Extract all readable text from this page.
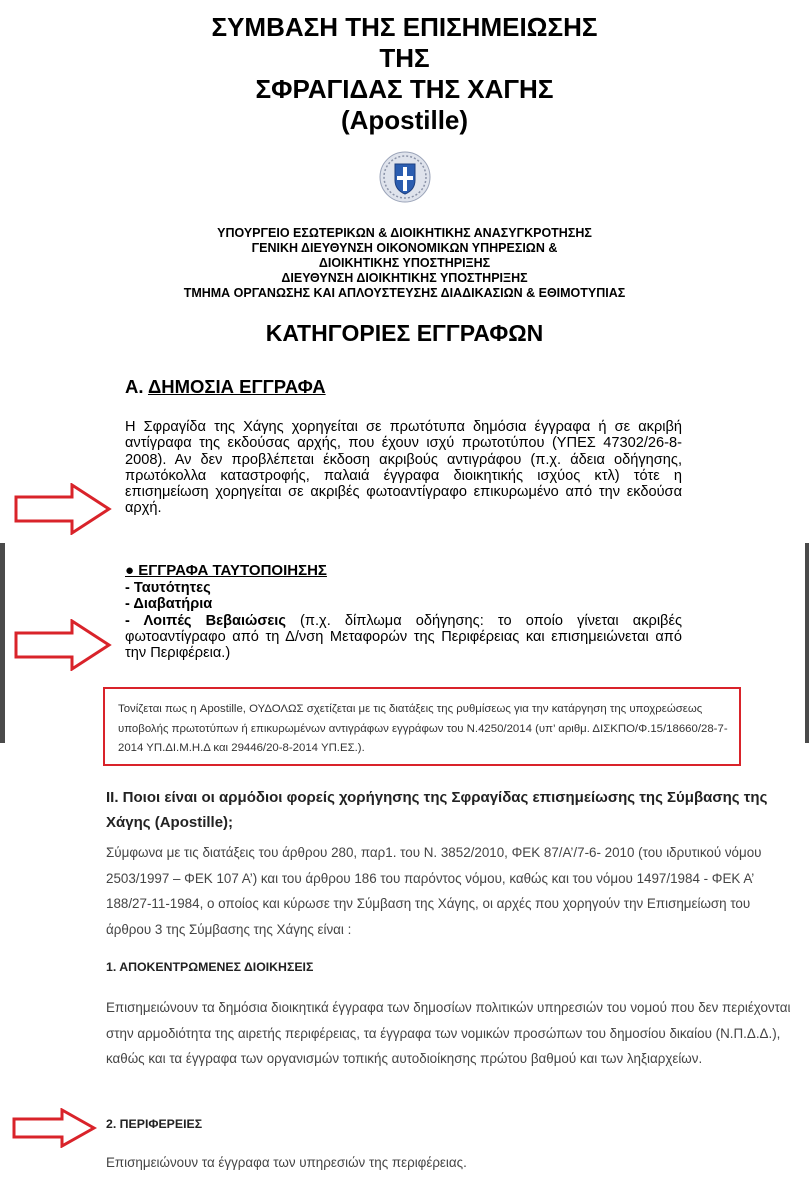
ΣΥΜΒΑΣΗ ΤΗΣ ΕΠΙΣΗΜΕΙΩΣΗΣ
ΤΗΣ
ΣΦΡΑΓΙΔΑΣ ΤΗΣ ΧΑΓΗΣ
(Apostille)
ΥΠΟΥΡΓΕΙΟ ΕΣΩΤΕΡΙΚΩΝ & ΔΙΟΙΚΗΤΙΚΗΣ ΑΝΑΣΥΓΚΡΟΤΗΣΗΣ
ΓΕΝΙΚΗ ΔΙΕΥΘΥΝΣΗ ΟΙΚΟΝΟΜΙΚΩΝ ΥΠΗΡΕΣΙΩΝ &
ΔΙΟΙΚΗΤΙΚΗΣ ΥΠΟΣΤΗΡΙΞΗΣ
ΔΙΕΥΘΥΝΣΗ ΔΙΟΙΚΗΤΙΚΗΣ ΥΠΟΣΤΗΡΙΞΗΣ
ΤΜΗΜΑ ΟΡΓΑΝΩΣΗΣ ΚΑΙ ΑΠΛΟΥΣΤΕΥΣΗΣ ΔΙΑΔΙΚΑΣΙΩΝ & ΕΘΙΜΟΤΥΠΙΑΣ
ΚΑΤΗΓΟΡΙΕΣ ΕΓΓΡΑΦΩΝ
Α. ΔΗΜΟΣΙΑ ΕΓΓΡΑΦΑ
Η Σφραγίδα της Χάγης χορηγείται σε πρωτότυπα δημόσια έγγραφα ή σε ακριβή αντίγραφα της εκδούσας αρχής, που έχουν ισχύ πρωτοτύπου (ΥΠΕΣ 47302/26-8-2008). Αν δεν προβλέπεται έκδοση ακριβούς αντιγράφου (π.χ. άδεια οδήγησης, πρωτόκολλα καταστροφής, παλαιά έγγραφα διοικητικής ισχύος κτλ) τότε η επισημείωση χορηγείται σε ακριβές φωτοαντίγραφο επικυρωμένο από την εκδούσα αρχή.
● ΕΓΓΡΑΦΑ ΤΑΥΤΟΠΟΙΗΣΗΣ
- Ταυτότητες
- Διαβατήρια
- Λοιπές Βεβαιώσεις (π.χ. δίπλωμα οδήγησης: το οποίο γίνεται ακριβές φωτοαντίγραφο από τη Δ/νση Μεταφορών της Περιφέρειας και επισημειώνεται από την Περιφέρεια.)
Τονίζεται πως η Apostille, ΟΥΔΟΛΩΣ σχετίζεται με τις διατάξεις της ρυθμίσεως για την κατάργηση της υποχρεώσεως υποβολής πρωτοτύπων ή επικυρωμένων αντιγράφων εγγράφων του Ν.4250/2014 (υπ’ αριθμ. ΔΙΣΚΠΟ/Φ.15/18660/28-7-2014 ΥΠ.ΔΙ.Μ.Η.Δ και 29446/20-8-2014 ΥΠ.ΕΣ.).
ΙΙ. Ποιοι είναι οι αρμόδιοι φορείς χορήγησης της Σφραγίδας επισημείωσης της Σύμβασης της Χάγης (Apostille);
Σύμφωνα με τις διατάξεις του άρθρου 280, παρ1. του Ν. 3852/2010, ΦΕΚ 87/Α’/7-6- 2010 (του ιδρυτικού νόμου 2503/1997 – ΦΕΚ 107 Α’) και του άρθρου 186 του παρόντος νόμου, καθώς και του νόμου 1497/1984 - ΦΕΚ Α’ 188/27-11-1984, ο οποίος και κύρωσε την Σύμβαση της Χάγης, οι αρχές που χορηγούν την Επισημείωση του άρθρου 3 της Σύμβασης της Χάγης είναι :
1. ΑΠΟΚΕΝΤΡΩΜΕΝΕΣ ΔΙΟΙΚΗΣΕΙΣ
Επισημειώνουν τα δημόσια διοικητικά έγγραφα των δημοσίων πολιτικών υπηρεσιών του νομού που δεν περιέχονται στην αρμοδιότητα της αιρετής περιφέρειας, τα έγγραφα των νομικών προσώπων του δημοσίου δικαίου (Ν.Π.Δ.Δ.), καθώς και τα έγγραφα των οργανισμών τοπικής αυτοδιοίκησης πρώτου βαθμού και των ληξιαρχείων.
2. ΠΕΡΙΦΕΡΕΙΕΣ
Επισημειώνουν τα έγγραφα των υπηρεσιών της περιφέρειας.
